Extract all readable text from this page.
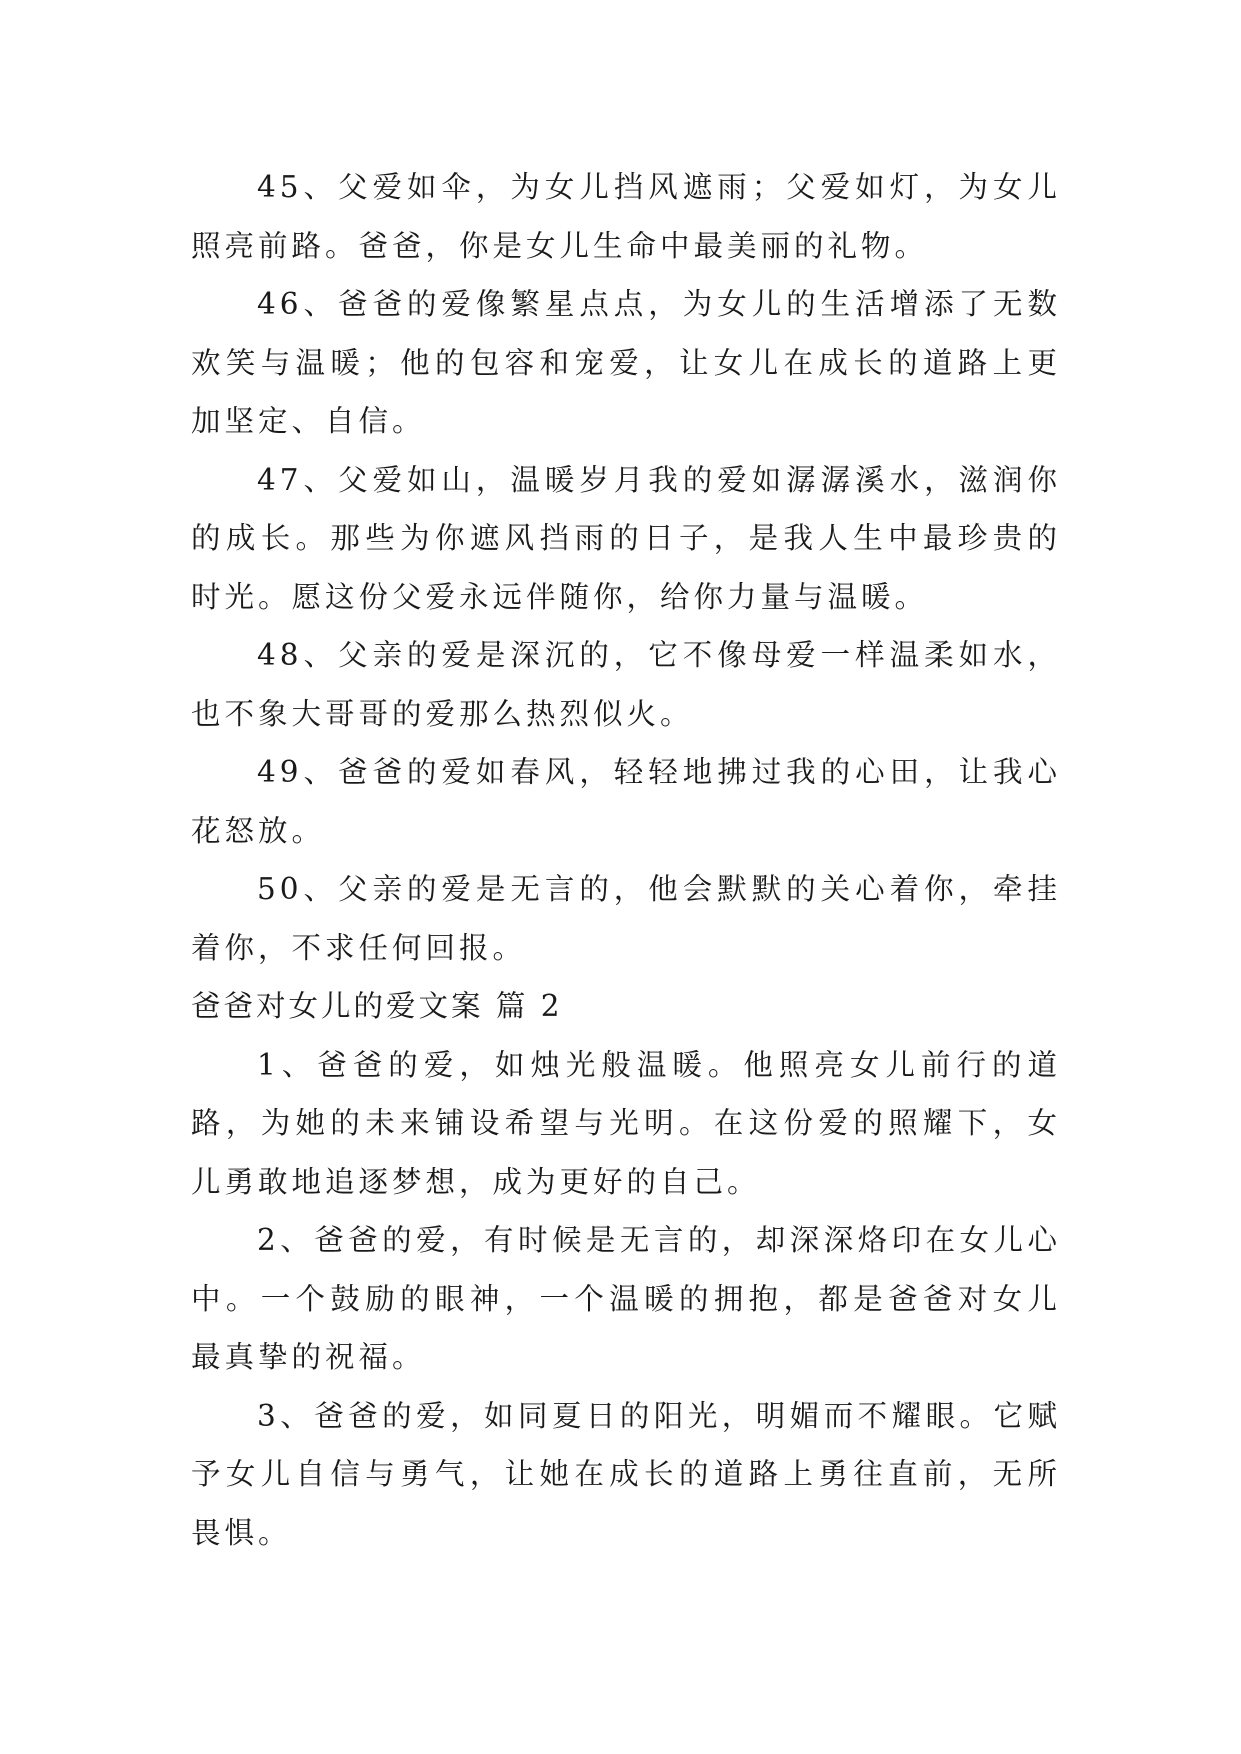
45、父爱如伞，为女儿挡风遮雨；父爱如灯，为女儿照亮前路。爸爸，你是女儿生命中最美丽的礼物。

46、爸爸的爱像繁星点点，为女儿的生活增添了无数欢笑与温暖；他的包容和宠爱，让女儿在成长的道路上更加坚定、自信。

47、父爱如山，温暖岁月我的爱如潺潺溪水，滋润你的成长。那些为你遮风挡雨的日子，是我人生中最珍贵的时光。愿这份父爱永远伴随你，给你力量与温暖。

48、父亲的爱是深沉的，它不像母爱一样温柔如水，也不象大哥哥的爱那么热烈似火。

49、爸爸的爱如春风，轻轻地拂过我的心田，让我心花怒放。

50、父亲的爱是无言的，他会默默的关心着你，牵挂着你，不求任何回报。

爸爸对女儿的爱文案 篇 2

1、爸爸的爱，如烛光般温暖。他照亮女儿前行的道路，为她的未来铺设希望与光明。在这份爱的照耀下，女儿勇敢地追逐梦想，成为更好的自己。

2、爸爸的爱，有时候是无言的，却深深烙印在女儿心中。一个鼓励的眼神，一个温暖的拥抱，都是爸爸对女儿最真挚的祝福。

3、爸爸的爱，如同夏日的阳光，明媚而不耀眼。它赋予女儿自信与勇气，让她在成长的道路上勇往直前，无所畏惧。
